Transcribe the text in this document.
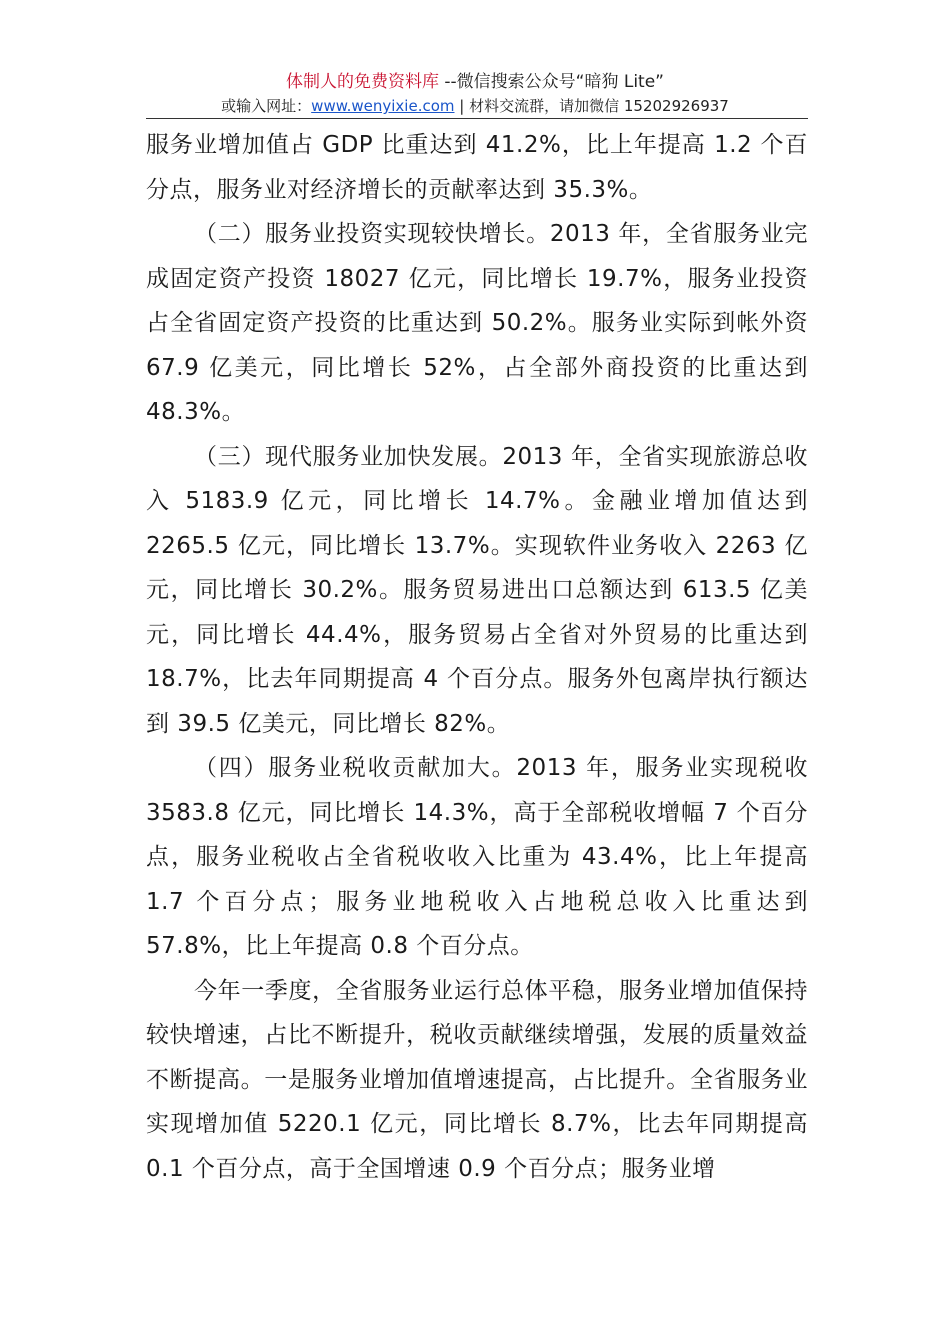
体制人的免费资料库 --微信搜索公众号“暗狗 Lite”
或输入网址：www.wenyixie.com | 材料交流群，请加微信 15202926937

服务业增加值占 GDP 比重达到 41.2%，比上年提高 1.2 个百分点，服务业对经济增长的贡献率达到 35.3%。

（二）服务业投资实现较快增长。2013 年，全省服务业完成固定资产投资 18027 亿元，同比增长 19.7%，服务业投资占全省固定资产投资的比重达到 50.2%。服务业实际到帐外资 67.9 亿美元，同比增长 52%，占全部外商投资的比重达到 48.3%。

（三）现代服务业加快发展。2013 年，全省实现旅游总收入 5183.9 亿元，同比增长 14.7%。金融业增加值达到 2265.5 亿元，同比增长 13.7%。实现软件业务收入 2263 亿元，同比增长 30.2%。服务贸易进出口总额达到 613.5 亿美元，同比增长 44.4%，服务贸易占全省对外贸易的比重达到 18.7%，比去年同期提高 4 个百分点。服务外包离岸执行额达到 39.5 亿美元，同比增长 82%。

（四）服务业税收贡献加大。2013 年，服务业实现税收 3583.8 亿元，同比增长 14.3%，高于全部税收增幅 7 个百分点，服务业税收占全省税收收入比重为 43.4%，比上年提高 1.7 个百分点；服务业地税收入占地税总收入比重达到 57.8%，比上年提高 0.8 个百分点。

今年一季度，全省服务业运行总体平稳，服务业增加值保持较快增速，占比不断提升，税收贡献继续增强，发展的质量效益不断提高。一是服务业增加值增速提高，占比提升。全省服务业实现增加值 5220.1 亿元，同比增长 8.7%，比去年同期提高 0.1 个百分点，高于全国增速 0.9 个百分点；服务业增
